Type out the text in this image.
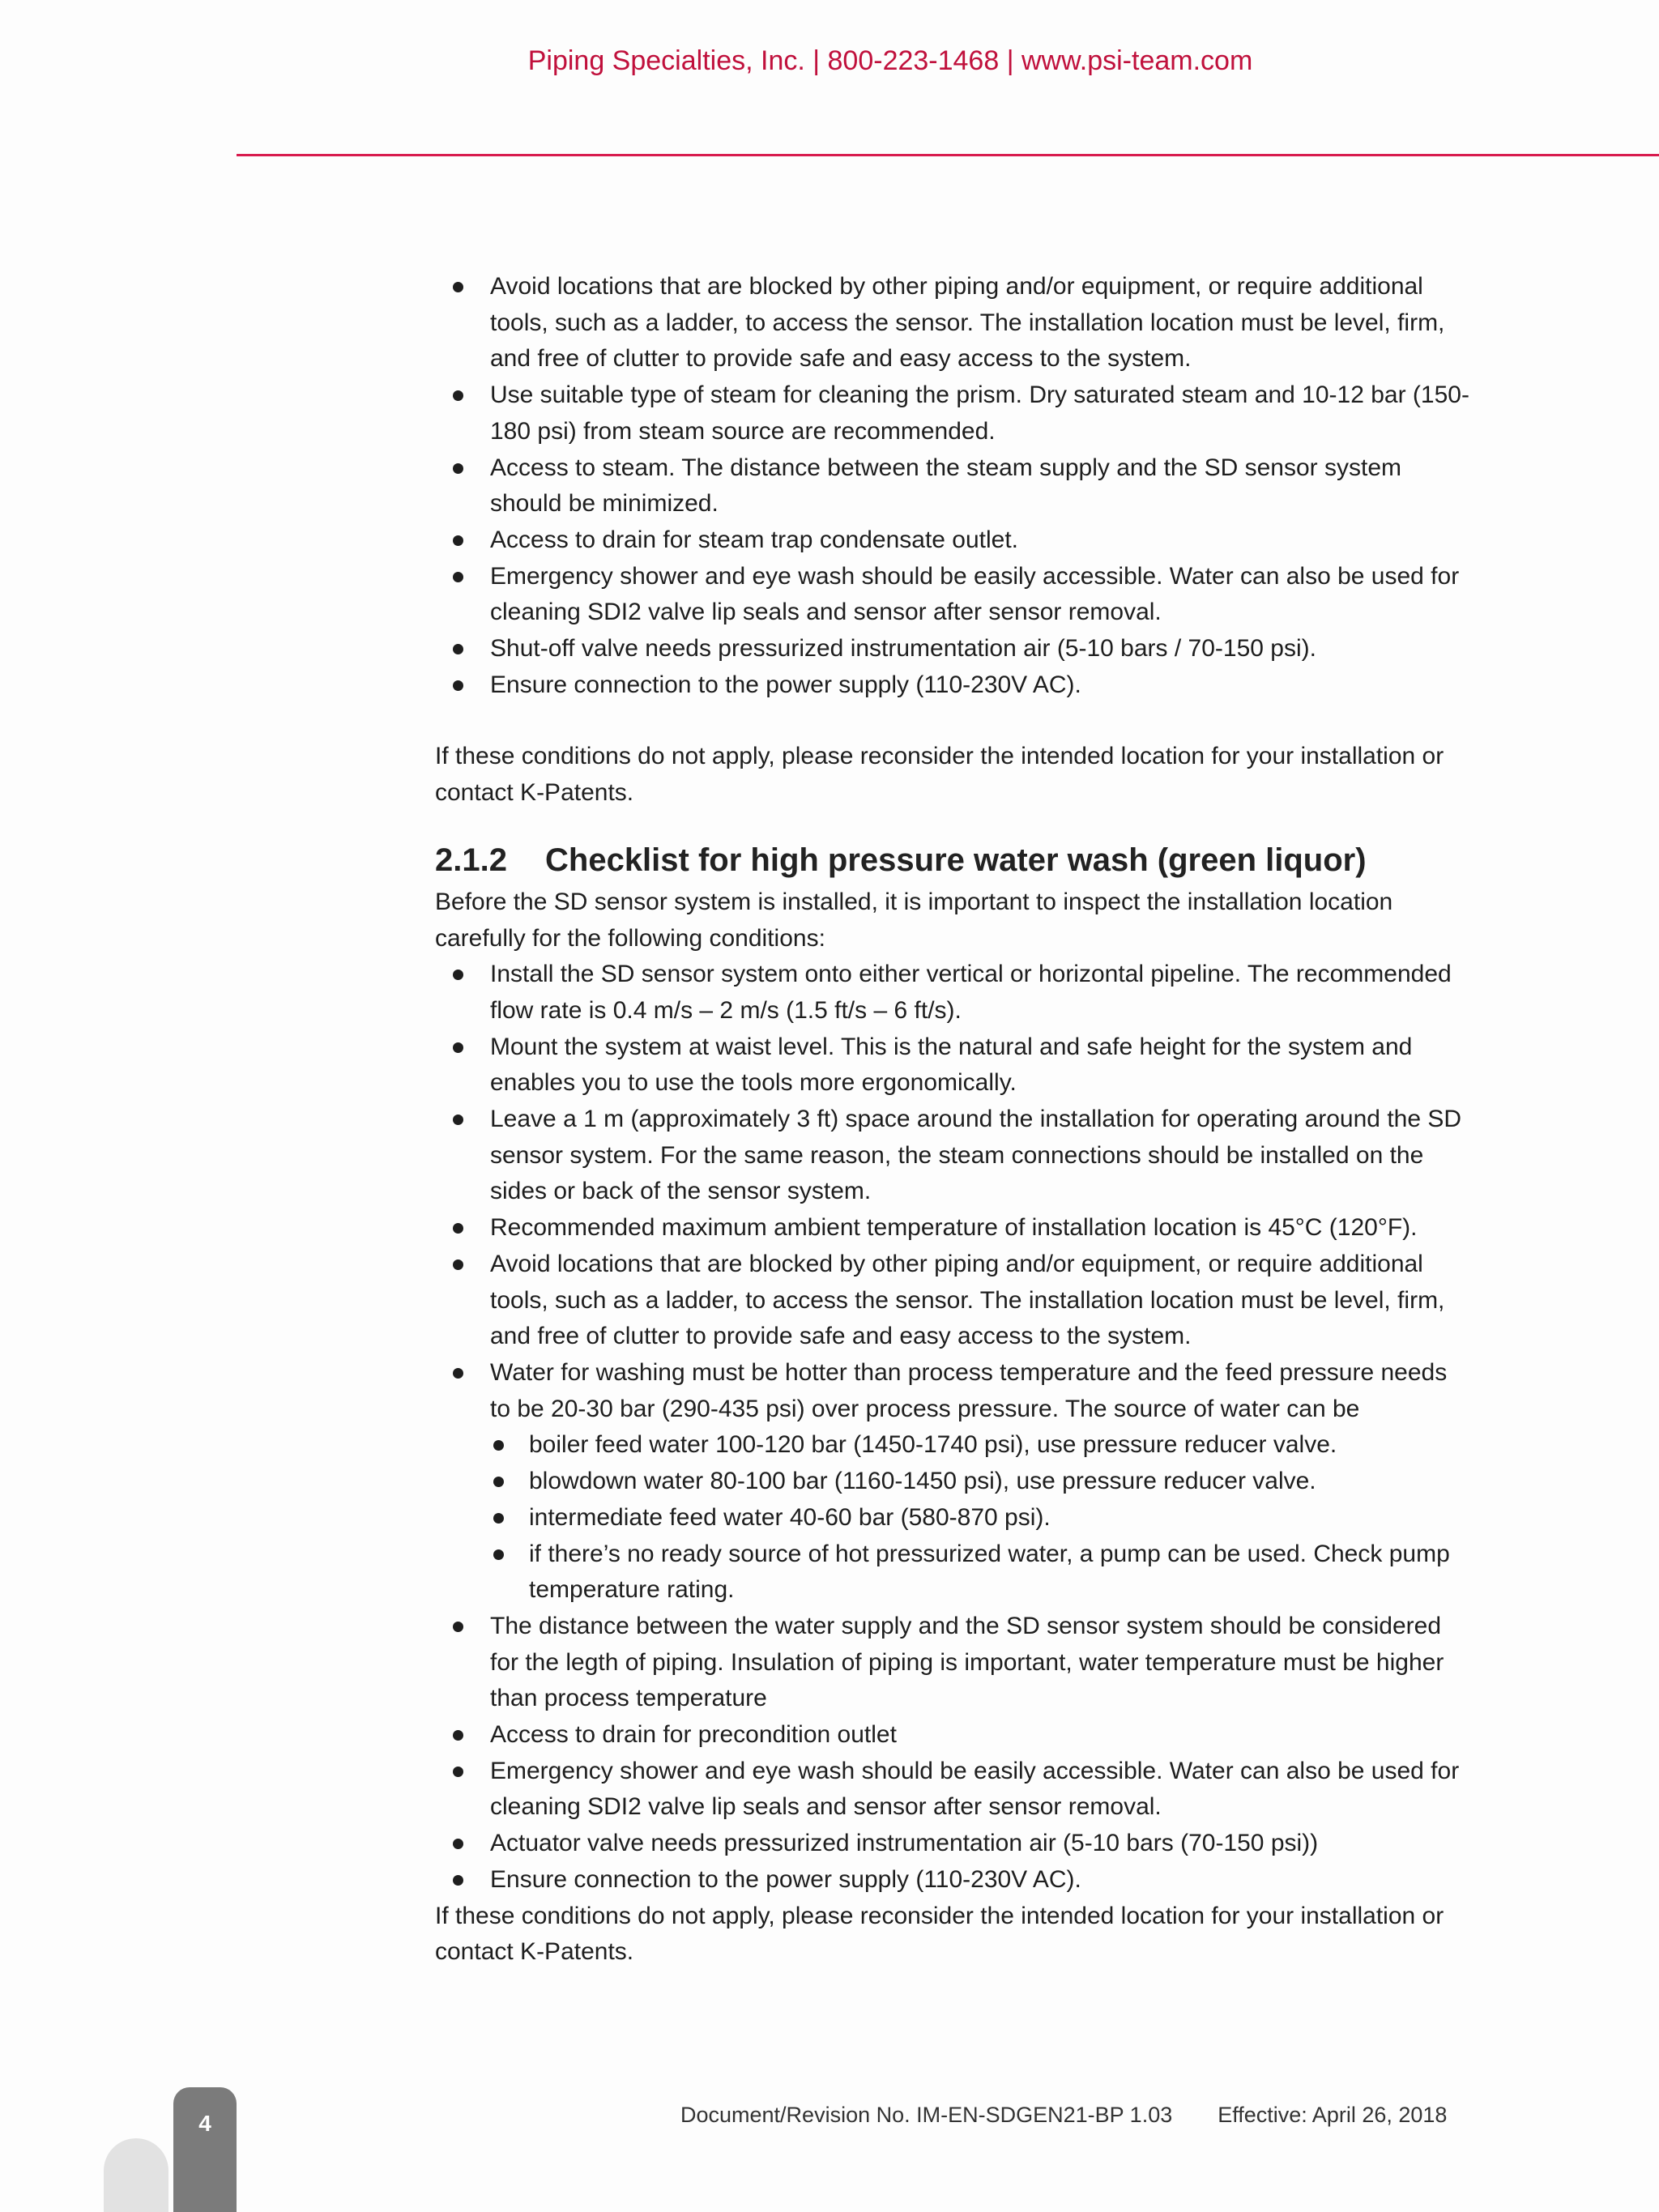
Piping Specialties, Inc. | 800-223-1468 | www.psi-team.com
Avoid locations that are blocked by other piping and/or equipment, or require additional tools, such as a ladder, to access the sensor. The installation location must be level, firm, and free of clutter to provide safe and easy access to the system.
Use suitable type of steam for cleaning the prism. Dry saturated steam and 10-12 bar (150-180 psi) from steam source are recommended.
Access to steam. The distance between the steam supply and the SD sensor system should be minimized.
Access to drain for steam trap condensate outlet.
Emergency shower and eye wash should be easily accessible. Water can also be used for cleaning SDI2 valve lip seals and sensor after sensor removal.
Shut-off valve needs pressurized instrumentation air (5-10 bars / 70-150 psi).
Ensure connection to the power supply (110-230V AC).

If these conditions do not apply, please reconsider the intended location for your installation or contact K-Patents.

2.1.2 Checklist for high pressure water wash (green liquor)

Before the SD sensor system is installed, it is important to inspect the installation location carefully for the following conditions:

Install the SD sensor system onto either vertical or horizontal pipeline. The recommended flow rate is 0.4 m/s – 2 m/s (1.5 ft/s – 6 ft/s).
Mount the system at waist level. This is the natural and safe height for the system and enables you to use the tools more ergonomically.
Leave a 1 m (approximately 3 ft) space around the installation for operating around the SD sensor system. For the same reason, the steam connections should be installed on the sides or back of the sensor system.
Recommended maximum ambient temperature of installation location is 45°C (120°F).
Avoid locations that are blocked by other piping and/or equipment, or require additional tools, such as a ladder, to access the sensor. The installation location must be level, firm, and free of clutter to provide safe and easy access to the system.
Water for washing must be hotter than process temperature and the feed pressure needs to be 20-30 bar (290-435 psi) over process pressure. The source of water can be
boiler feed water 100-120 bar (1450-1740 psi), use pressure reducer valve.
blowdown water 80-100 bar (1160-1450 psi), use pressure reducer valve.
intermediate feed water 40-60 bar (580-870 psi).
if there’s no ready source of hot pressurized water, a pump can be used. Check pump temperature rating.
The distance between the water supply and the SD sensor system should be considered for the legth of piping. Insulation of piping is important, water temperature must be higher than process temperature
Access to drain for precondition outlet
Emergency shower and eye wash should be easily accessible. Water can also be used for cleaning SDI2 valve lip seals and sensor after sensor removal.
Actuator valve needs pressurized instrumentation air (5-10 bars (70-150 psi))
Ensure connection to the power supply (110-230V AC).

If these conditions do not apply, please reconsider the intended location for your installation or contact K-Patents.

4	Document/Revision No. IM-EN-SDGEN21-BP 1.03 Effective: April 26, 2018
